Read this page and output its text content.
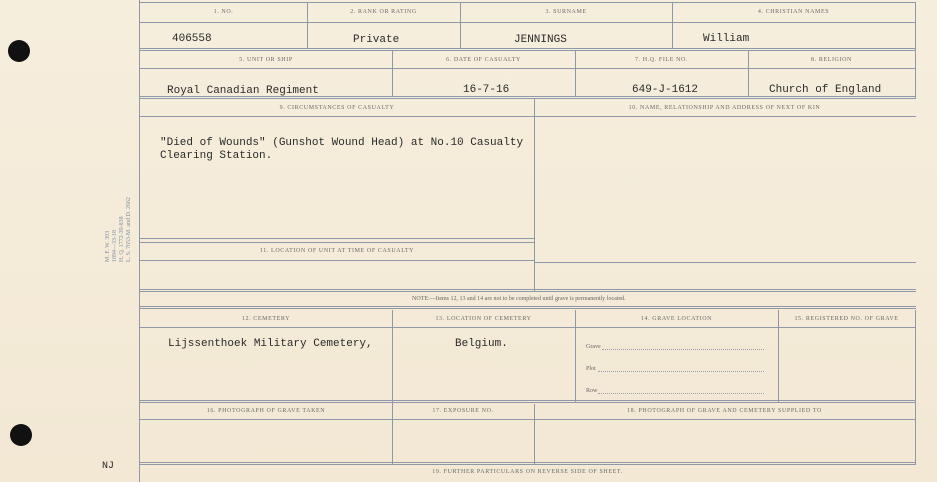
M. F. W. 303 1894—33-18 H. Q. 1772-39-838 L. S. 7653-M. and D. 2662
NJ
1. NO.	2. RANK OR RATING	3. SURNAME	4. CHRISTIAN NAMES
406558	Private	JENNINGS	William
5. UNIT OR SHIP	6. DATE OF CASUALTY	7. H.Q. FILE NO.	8. RELIGION
Royal Canadian Regiment	16-7-16	649-J-1612	Church of England
9. CIRCUMSTANCES OF CASUALTY	10. NAME, RELATIONSHIP AND ADDRESS OF NEXT OF KIN
"Died of Wounds" (Gunshot Wound Head) at No.10 Casualty
Clearing Station.
11. LOCATION OF UNIT AT TIME OF CASUALTY
NOTE:—Items 12, 13 and 14 are not to be completed until grave is permanently located.
12. CEMETERY	13. LOCATION OF CEMETERY	14. GRAVE LOCATION	15. REGISTERED NO. OF GRAVE
Lijssenthoek Military Cemetery,	Belgium.	Grave
Plot
Row
16. PHOTOGRAPH OF GRAVE TAKEN	17. EXPOSURE NO.	18. PHOTOGRAPH OF GRAVE AND CEMETERY SUPPLIED TO
19. FURTHER PARTICULARS ON REVERSE SIDE OF SHEET.
